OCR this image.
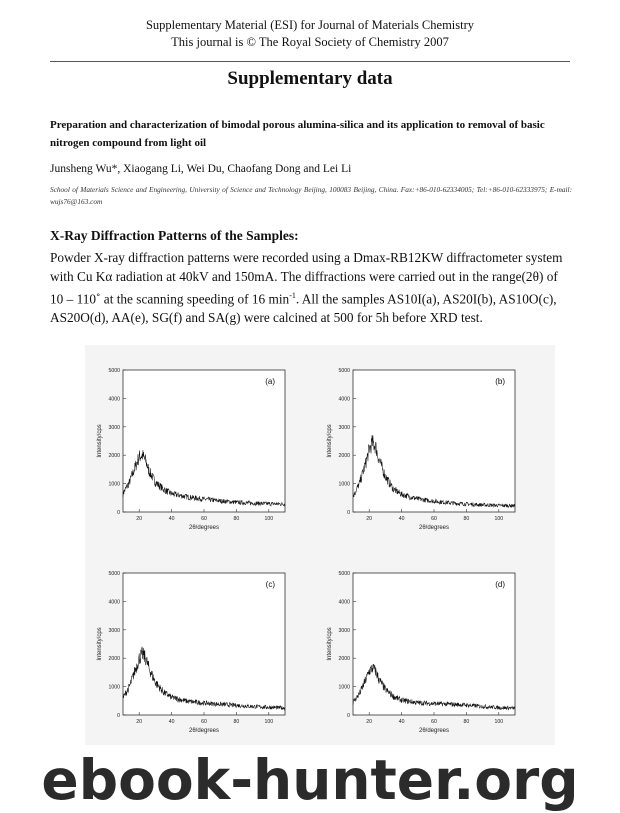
Supplementary Material (ESI) for Journal of Materials Chemistry
This journal is © The Royal Society of Chemistry 2007
Supplementary data
Preparation and characterization of bimodal porous alumina-silica and its application to removal of basic nitrogen compound from light oil
Junsheng Wu*, Xiaogang Li, Wei Du, Chaofang Dong and Lei Li
School of Materials Science and Engineering, University of Science and Technology Beijing, 100083 Beijing, China. Fax:+86-010-62334005; Tel:+86-010-62333975; E-mail: wujs76@163.com
X-Ray Diffraction Patterns of the Samples:
Powder X-ray diffraction patterns were recorded using a Dmax-RB12KW diffractometer system with Cu Kα radiation at 40kV and 150mA. The diffractions were carried out in the range(2θ) of 10 – 110˚ at the scanning speeding of 16 $\min^{-1}$. All the samples AS10I(a), AS20I(b), AS10O(c), AS20O(d), AA(e), SG(f) and SA(g) were calcined at 500 for 5h before XRD test.
0
1000
2000
3000
4000
5000
20	40	60	80	100
2θ/degrees
Intensity/cps
(a)
0
1000
2000
3000
4000
5000
20	40	60	80	100
2θ/degrees
Intensity/cps
(b)
0
1000
2000
3000
4000
5000
20	40	60	80	100
2θ/degrees
Intensity/cps
(c)
0
1000
2000
3000
4000
5000
20	40	60	80	100
2θ/degrees
Intensity/cps
(d)
ebook-hunter.org
